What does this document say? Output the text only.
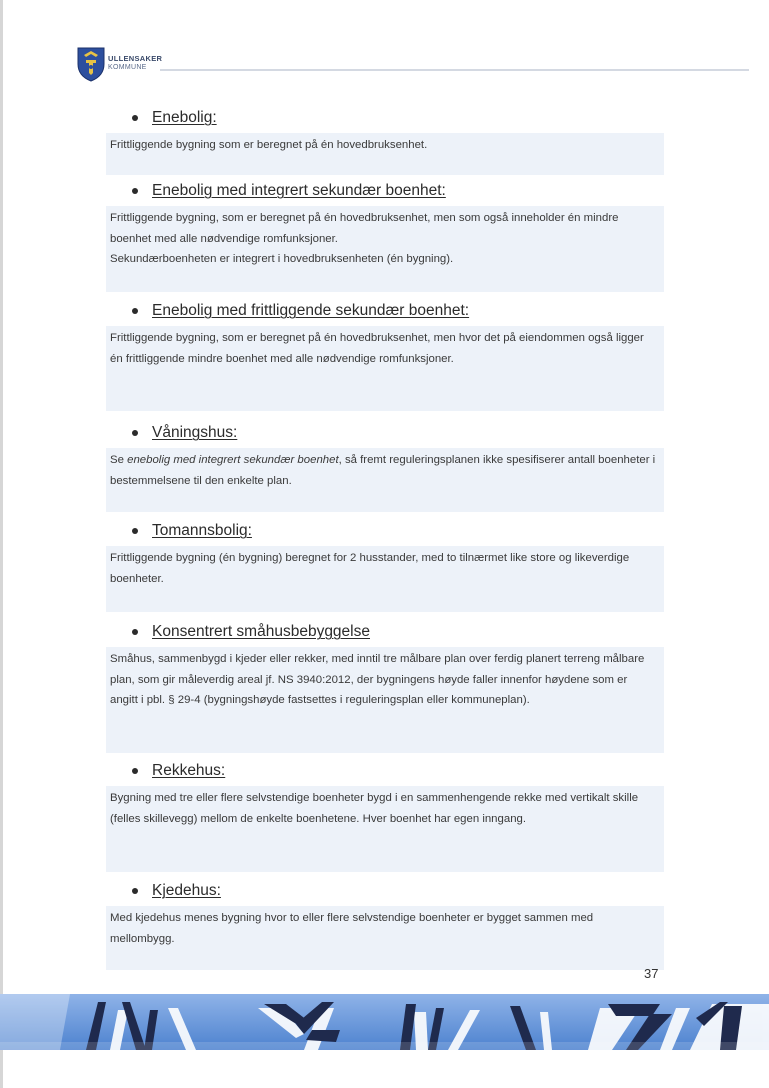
ULLENSAKER
KOMMUNE
Enebolig:

Frittliggende bygning som er beregnet på én hovedbruksenhet.

Enebolig med integrert sekundær boenhet:

Frittliggende bygning, som er beregnet på én hovedbruksenhet, men som også inneholder én mindre boenhet med alle nødvendige romfunksjoner.

Sekundærboenheten er integrert i hovedbruksenheten (én bygning).

Enebolig med frittliggende sekundær boenhet:

Frittliggende bygning, som er beregnet på én hovedbruksenhet, men hvor det på eiendommen også ligger én frittliggende mindre boenhet med alle nødvendige romfunksjoner.

Våningshus:

Se enebolig med integrert sekundær boenhet, så fremt reguleringsplanen ikke spesifiserer antall boenheter i bestemmelsene til den enkelte plan.

Tomannsbolig:

Frittliggende bygning (én bygning) beregnet for 2 husstander, med to tilnærmet like store og likeverdige boenheter.

Konsentrert småhusbebyggelse

Småhus, sammenbygd i kjeder eller rekker, med inntil tre målbare plan over ferdig planert terreng målbare plan, som gir måleverdig areal jf. NS 3940:2012, der bygningens høyde faller innenfor høydene som er angitt i pbl. § 29-4 (bygningshøyde fastsettes i reguleringsplan eller kommuneplan).

Rekkehus:

Bygning med tre eller flere selvstendige boenheter bygd i en sammenhengende rekke med vertikalt skille (felles skillevegg) mellom de enkelte boenhetene. Hver boenhet har egen inngang.

Kjedehus:

Med kjedehus menes bygning hvor to eller flere selvstendige boenheter er bygget sammen med mellombygg.

37
